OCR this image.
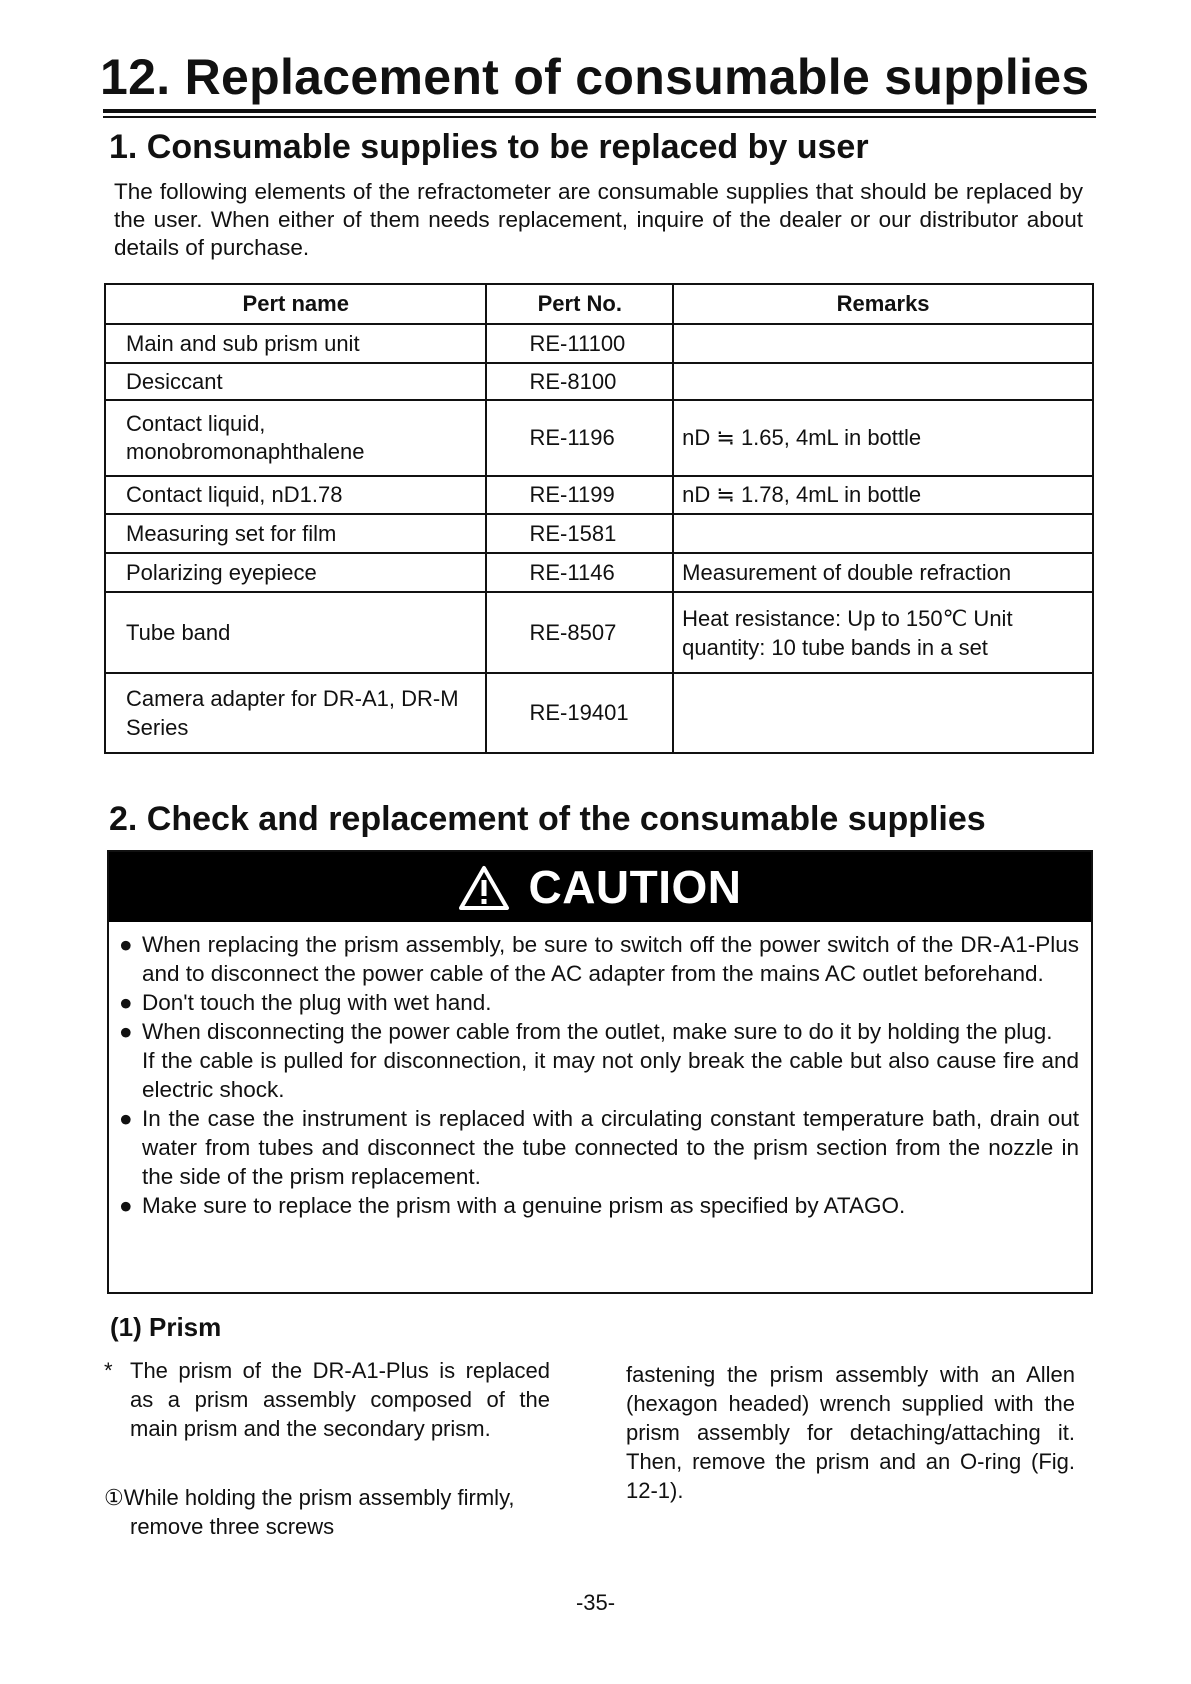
12. Replacement of consumable supplies
1. Consumable supplies to be replaced by user

The following elements of the refractometer are consumable supplies that should be replaced by the user. When either of them needs replacement, inquire of the dealer or our distributor about details of purchase.

Pert name	Pert No.	Remarks
Main and sub prism unit	RE-11100	
Desiccant	RE-8100	
Contact liquid, monobromonaphthalene	RE-1196	nD ≒ 1.65, 4mL in bottle
Contact liquid, nD1.78	RE-1199	nD ≒ 1.78, 4mL in bottle
Measuring set for film	RE-1581	
Polarizing eyepiece	RE-1146	Measurement of double refraction
Tube band	RE-8507	Heat resistance: Up to 150℃ Unit quantity: 10 tube bands in a set
Camera adapter for DR-A1, DR-M Series	RE-19401	
2. Check and replacement of the consumable supplies
CAUTION
● When replacing the prism assembly, be sure to switch off the power switch of the DR-A1-Plus and to disconnect the power cable of the AC adapter from the mains AC outlet beforehand.
● Don't touch the plug with wet hand.
● When disconnecting the power cable from the outlet, make sure to do it by holding the plug.
If the cable is pulled for disconnection, it may not only break the cable but also cause fire and electric shock.
● In the case the instrument is replaced with a circulating constant temperature bath, drain out water from tubes and disconnect the tube connected to the prism section from the nozzle in the side of the prism replacement.
● Make sure to replace the prism with a genuine prism as specified by ATAGO.
(1) Prism

* The prism of the DR-A1-Plus is replaced as a prism assembly composed of the main prism and the secondary prism.

①While holding the prism assembly firmly, remove three screws

fastening the prism assembly with an Allen (hexagon headed) wrench supplied with the prism assembly for detaching/attaching it. Then, remove the prism and an O-ring (Fig. 12-1).

-35-
